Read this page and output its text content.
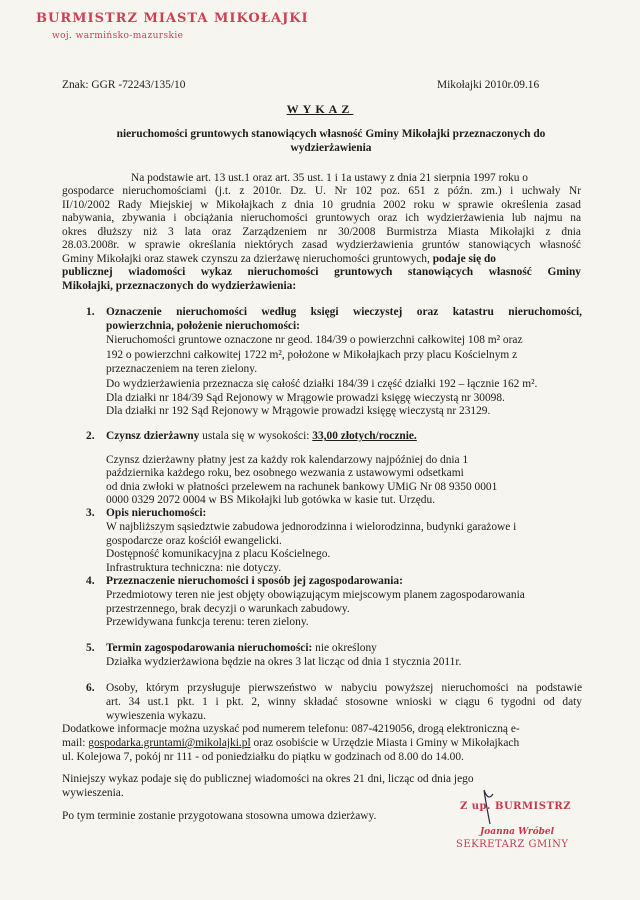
BURMISTRZ MIASTA MIKOŁAJKI
woj. warmińsko-mazurskie
Znak: GGR -72243/135/10	Mikołajki 2010r.09.16
WYKAZ
nieruchomości gruntowych stanowiących własność Gminy Mikołajki przeznaczonych do wydzierżawienia
Na podstawie art. 13 ust.1 oraz art. 35 ust. 1 i 1a ustawy z dnia 21 sierpnia 1997 roku o
gospodarce nieruchomościami (j.t. z 2010r. Dz. U. Nr 102 poz. 651 z późn. zm.) i uchwały Nr
II/10/2002 Rady Miejskiej w Mikołajkach z dnia 10 grudnia 2002 roku w sprawie określenia zasad
nabywania, zbywania i obciążania nieruchomości gruntowych oraz ich wydzierżawienia lub najmu na
okres dłuższy niż 3 lata oraz Zarządzeniem nr 30/2008 Burmistrza Miasta Mikołajki z dnia
28.03.2008r. w sprawie określania niektórych zasad wydzierżawienia gruntów stanowiących własność
Gminy Mikołajki oraz stawek czynszu za dzierżawę nieruchomości gruntowych, podaje się do
publicznej wiadomości wykaz nieruchomości gruntowych stanowiących własność Gminy
Mikołajki, przeznaczonych do wydzierżawienia:
1. Oznaczenie nieruchomości według księgi wieczystej oraz katastru nieruchomości,
powierzchnia, położenie nieruchomości:
Nieruchomości gruntowe oznaczone nr geod. 184/39 o powierzchni całkowitej 108 m² oraz
192 o powierzchni całkowitej 1722 m², położone w Mikołajkach przy placu Kościelnym z
przeznaczeniem na teren zielony.
Do wydzierżawienia przeznacza się całość działki 184/39 i część działki 192 – łącznie 162 m².
Dla działki nr 184/39 Sąd Rejonowy w Mrągowie prowadzi księgę wieczystą nr 30098.
Dla działki nr 192 Sąd Rejonowy w Mrągowie prowadzi księgę wieczystą nr 23129.
2. Czynsz dzierżawny ustala się w wysokości: 33,00 złotych/rocznie.
Czynsz dzierżawny płatny jest za każdy rok kalendarzowy najpóźniej do dnia 1
października każdego roku, bez osobnego wezwania z ustawowymi odsetkami
od dnia zwłoki w płatności przelewem na rachunek bankowy UMiG Nr 08 9350 0001
0000 0329 2072 0004 w BS Mikołajki lub gotówka w kasie tut. Urzędu.
3. Opis nieruchomości:
W najbliższym sąsiedztwie zabudowa jednorodzinna i wielorodzinna, budynki garażowe i
gospodarcze oraz kościół ewangelicki.
Dostępność komunikacyjna z placu Kościelnego.
Infrastruktura techniczna: nie dotyczy.
4. Przeznaczenie nieruchomości i sposób jej zagospodarowania:
Przedmiotowy teren nie jest objęty obowiązującym miejscowym planem zagospodarowania
przestrzennego, brak decyzji o warunkach zabudowy.
Przewidywana funkcja terenu: teren zielony.
5. Termin zagospodarowania nieruchomości: nie określony
Działka wydzierżawiona będzie na okres 3 lat licząc od dnia 1 stycznia 2011r.
6. Osoby, którym przysługuje pierwszeństwo w nabyciu powyższej nieruchomości na podstawie
art. 34 ust.1 pkt. 1 i pkt. 2, winny składać stosowne wnioski w ciągu 6 tygodni od daty
wywieszenia wykazu.
Dodatkowe informacje można uzyskać pod numerem telefonu: 087-4219056, drogą elektroniczną e-
mail: gospodarka.gruntami@mikolajki.pl oraz osobiście w Urzędzie Miasta i Gminy w Mikołajkach
ul. Kolejowa 7, pokój nr 111 - od poniedziałku do piątku w godzinach od 8.00 do 14.00.
Niniejszy wykaz podaje się do publicznej wiadomości na okres 21 dni, licząc od dnia jego
wywieszenia.
Po tym terminie zostanie przygotowana stosowna umowa dzierżawy.
Z up. BURMISTRZ
Joanna Wróbel
SEKRETARZ GMINY
